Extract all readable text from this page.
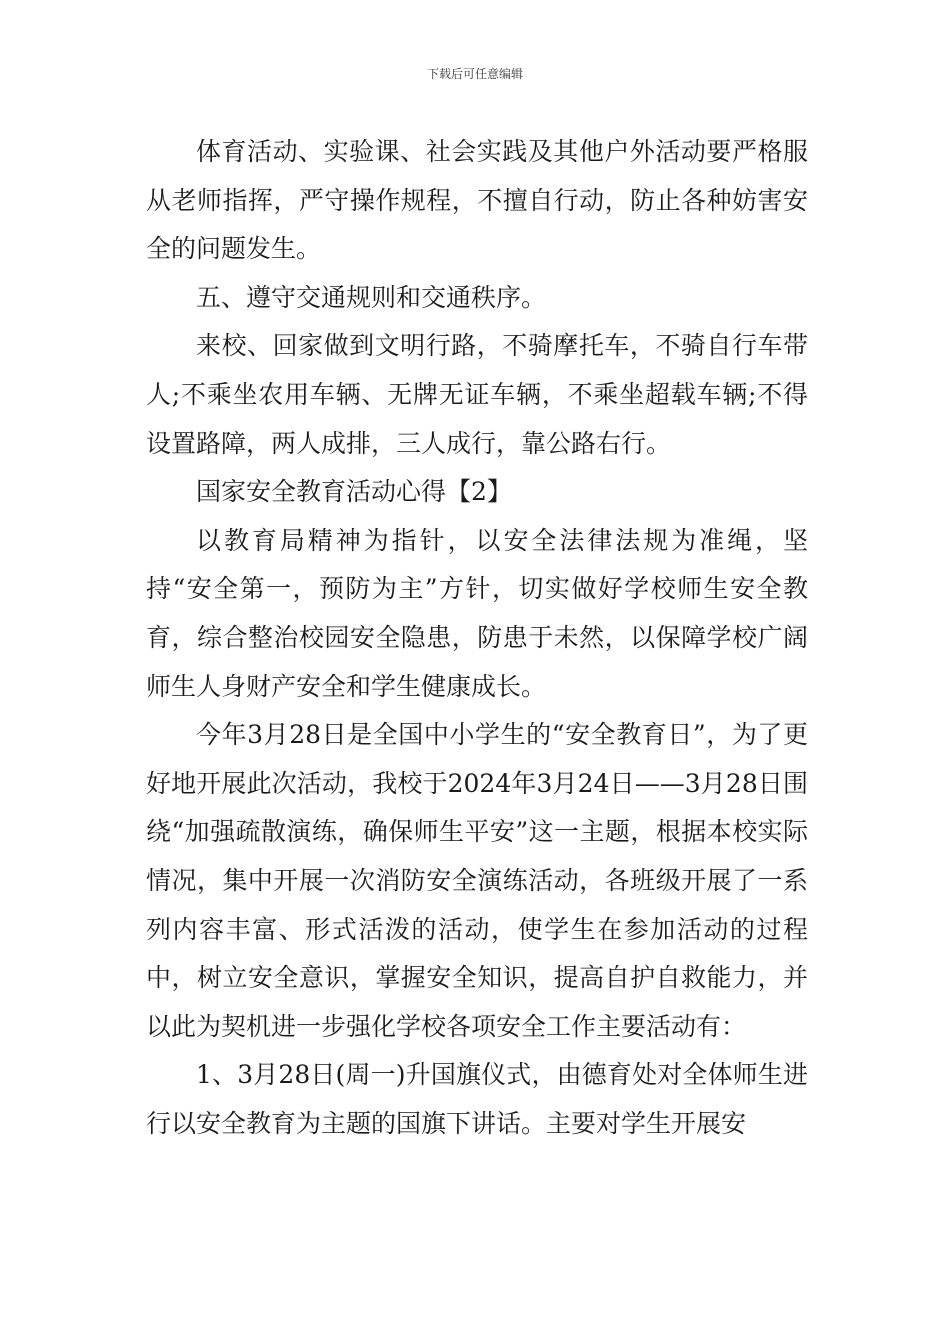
下载后可任意编辑

体育活动、实验课、社会实践及其他户外活动要严格服从老师指挥，严守操作规程，不擅自行动，防止各种妨害安全的问题发生。

五、遵守交通规则和交通秩序。

来校、回家做到文明行路，不骑摩托车，不骑自行车带人;不乘坐农用车辆、无牌无证车辆，不乘坐超载车辆;不得设置路障，两人成排，三人成行，靠公路右行。

国家安全教育活动心得【2】

以教育局精神为指针，以安全法律法规为准绳，坚持“安全第一，预防为主”方针，切实做好学校师生安全教育，综合整治校园安全隐患，防患于未然，以保障学校广阔师生人身财产安全和学生健康成长。

今年3月28日是全国中小学生的“安全教育日”，为了更好地开展此次活动，我校于2024年3月24日——3月28日围绕“加强疏散演练，确保师生平安”这一主题，根据本校实际情况，集中开展一次消防安全演练活动，各班级开展了一系列内容丰富、形式活泼的活动，使学生在参加活动的过程中，树立安全意识，掌握安全知识，提高自护自救能力，并以此为契机进一步强化学校各项安全工作主要活动有：

1、3月28日(周一)升国旗仪式，由德育处对全体师生进行以安全教育为主题的国旗下讲话。主要对学生开展安
